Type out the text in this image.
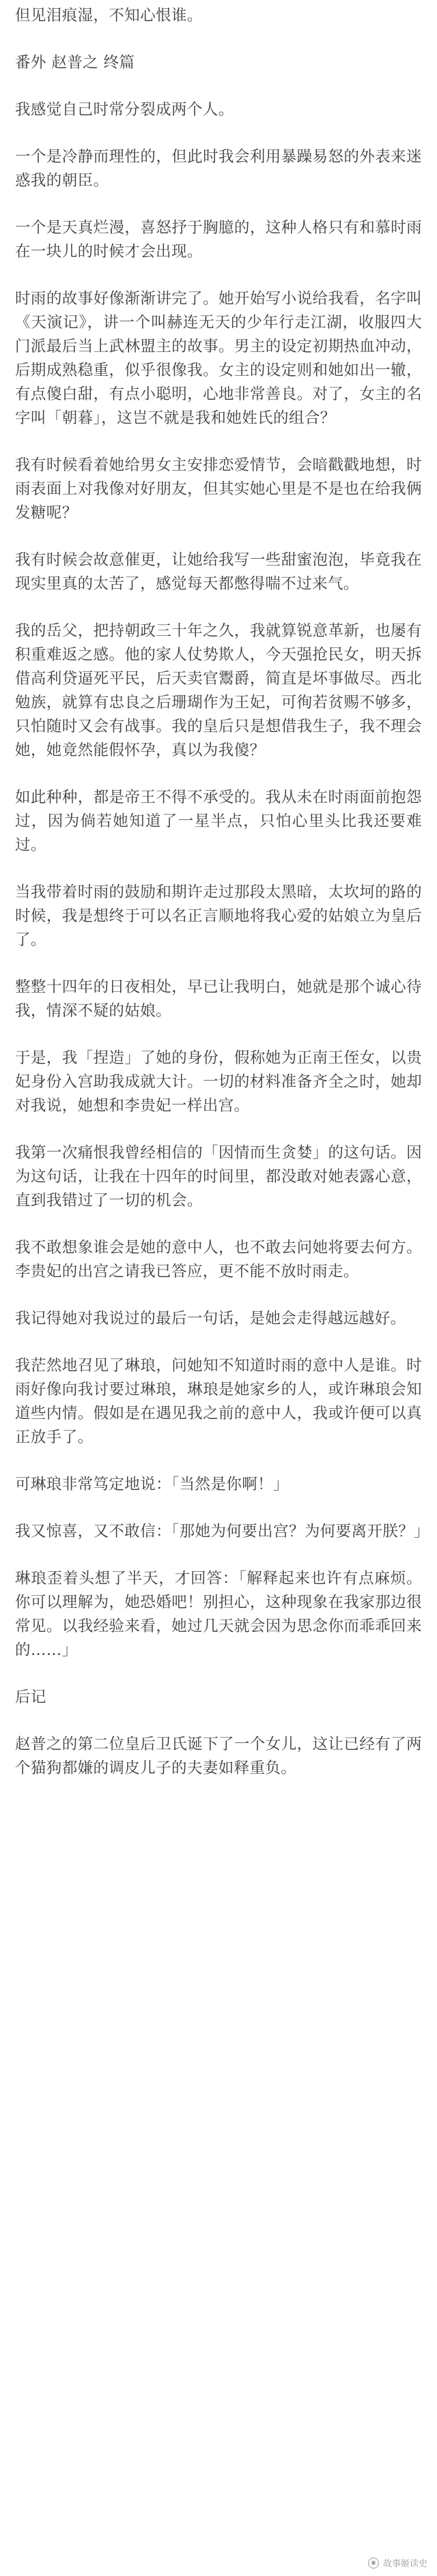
但见泪痕湿，不知心恨谁。

番外 赵普之 终篇

我感觉自己时常分裂成两个人。

一个是冷静而理性的，但此时我会利用暴躁易怒的外表来迷惑我的朝臣。

一个是天真烂漫，喜怒抒于胸臆的，这种人格只有和慕时雨在一块儿的时候才会出现。

时雨的故事好像渐渐讲完了。她开始写小说给我看，名字叫《天演记》，讲一个叫赫连无天的少年行走江湖，收服四大门派最后当上武林盟主的故事。男主的设定初期热血冲动，后期成熟稳重，似乎很像我。女主的设定则和她如出一辙，有点傻白甜，有点小聪明，心地非常善良。对了，女主的名字叫「朝暮」，这岂不就是我和她姓氏的组合？

我有时候看着她给男女主安排恋爱情节，会暗戳戳地想，时雨表面上对我像对好朋友，但其实她心里是不是也在给我俩发糖呢？

我有时候会故意催更，让她给我写一些甜蜜泡泡，毕竟我在现实里真的太苦了，感觉每天都憋得喘不过来气。

我的岳父，把持朝政三十年之久，我就算锐意革新，也屡有积重难返之感。他的家人仗势欺人，今天强抢民女，明天拆借高利贷逼死平民，后天卖官鬻爵，简直是坏事做尽。西北勉族，就算有忠良之后珊瑚作为王妃，可徇若贫赐不够多，只怕随时又会有战事。我的皇后只是想借我生子，我不理会她，她竟然能假怀孕，真以为我傻？

如此种种，都是帝王不得不承受的。我从未在时雨面前抱怨过，因为倘若她知道了一星半点，只怕心里头比我还要难过。

当我带着时雨的鼓励和期许走过那段太黑暗，太坎坷的路的时候，我是想终于可以名正言顺地将我心爱的姑娘立为皇后了。

整整十四年的日夜相处，早已让我明白，她就是那个诚心待我，情深不疑的姑娘。

于是，我「捏造」了她的身份，假称她为正南王侄女，以贵妃身份入宫助我成就大计。一切的材料准备齐全之时，她却对我说，她想和李贵妃一样出宫。

我第一次痛恨我曾经相信的「因情而生贪婪」的这句话。因为这句话，让我在十四年的时间里，都没敢对她表露心意，直到我错过了一切的机会。

我不敢想象谁会是她的意中人，也不敢去问她将要去何方。李贵妃的出宫之请我已答应，更不能不放时雨走。

我记得她对我说过的最后一句话，是她会走得越远越好。

我茫然地召见了琳琅，问她知不知道时雨的意中人是谁。时雨好像向我讨要过琳琅，琳琅是她家乡的人，或许琳琅会知道些内情。假如是在遇见我之前的意中人，我或许便可以真正放手了。

可琳琅非常笃定地说：「当然是你啊！」

我又惊喜，又不敢信：「那她为何要出宫？为何要离开朕？」

琳琅歪着头想了半天，才回答：「解释起来也许有点麻烦。你可以理解为，她恐婚吧！别担心，这种现象在我家那边很常见。以我经验来看，她过几天就会因为思念你而乖乖回来的……」

后记

赵普之的第二位皇后卫氏诞下了一个女儿，这让已经有了两个猫狗都嫌的调皮儿子的夫妻如释重负。

◉ 故事姬读史
